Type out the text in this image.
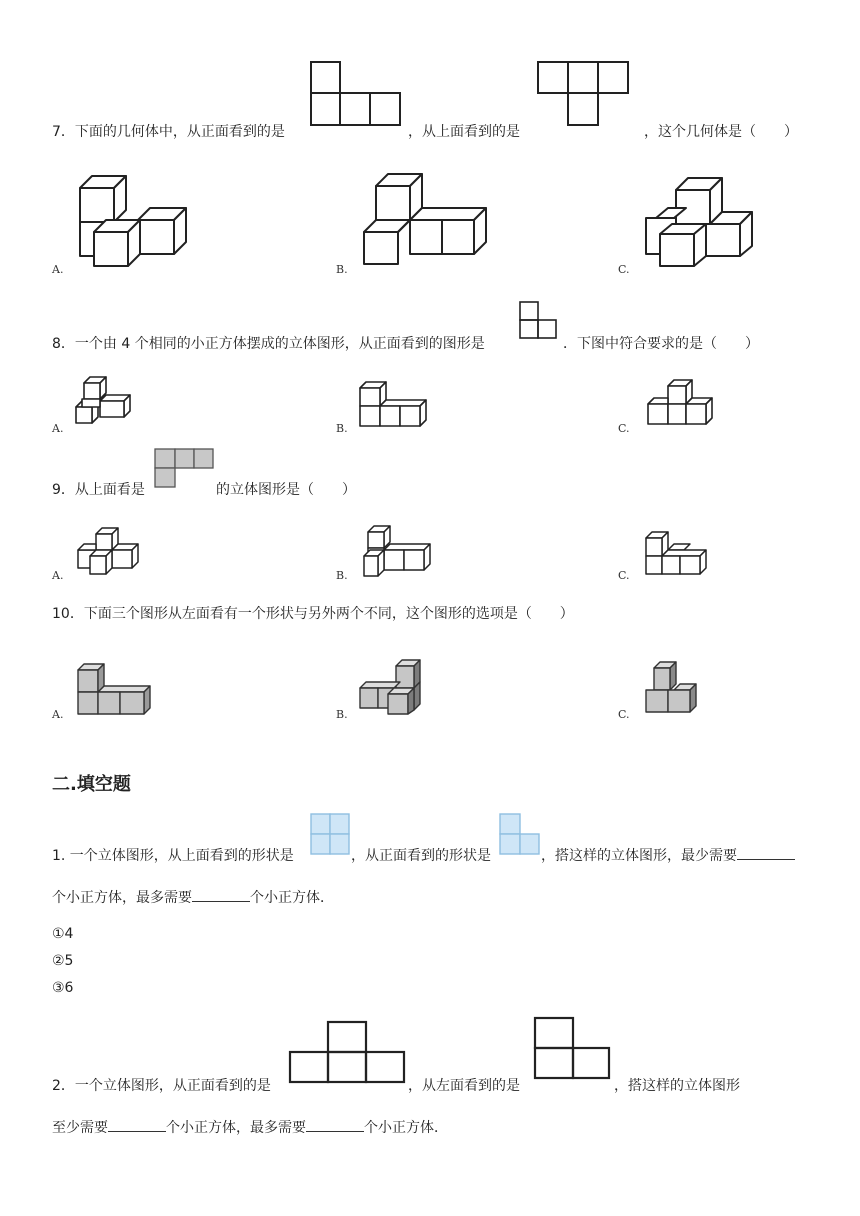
7．下面的几何体中，从正面看到的是	，从上面看到的是	，这个几何体是（　　）
A.	B.	C.
8．一个由 4 个相同的小正方体摆成的立体图形，从正面看到的图形是	．下图中符合要求的是（　　）
A.	B.	C.
9．从上面看是	的立体图形是（　　）
A.	B.	C.
10．下面三个图形从左面看有一个形状与另外两个不同，这个图形的选项是（　　）
A.	B.	C.
二.填空题
1. 一个立体图形，从上面看到的形状是	，从正面看到的形状是	，搭这样的立体图形，最少需要
个小正方体，最多需要	个小正方体．
①4
②5
③6
2．一个立体图形，从正面看到的是	，从左面看到的是	，搭这样的立体图形
至少需要	个小正方体，最多需要	个小正方体．
